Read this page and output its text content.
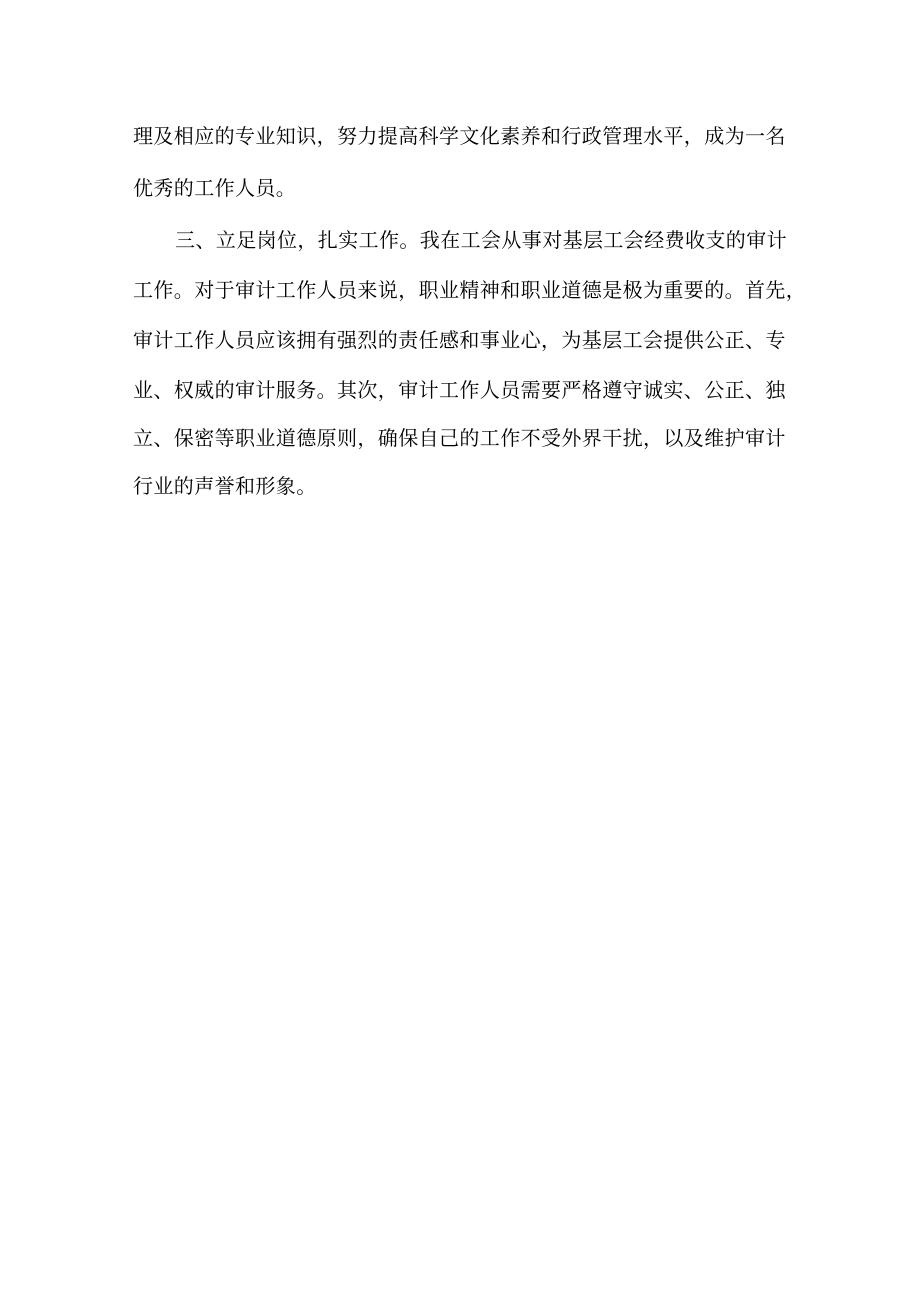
理及相应的专业知识，努力提高科学文化素养和行政管理水平，成为一名

优秀的工作人员。

三、立足岗位，扎实工作。我在工会从事对基层工会经费收支的审计

工作。对于审计工作人员来说，职业精神和职业道德是极为重要的。首先，

审计工作人员应该拥有强烈的责任感和事业心，为基层工会提供公正、专

业、权威的审计服务。其次，审计工作人员需要严格遵守诚实、公正、独

立、保密等职业道德原则，确保自己的工作不受外界干扰，以及维护审计

行业的声誉和形象。
